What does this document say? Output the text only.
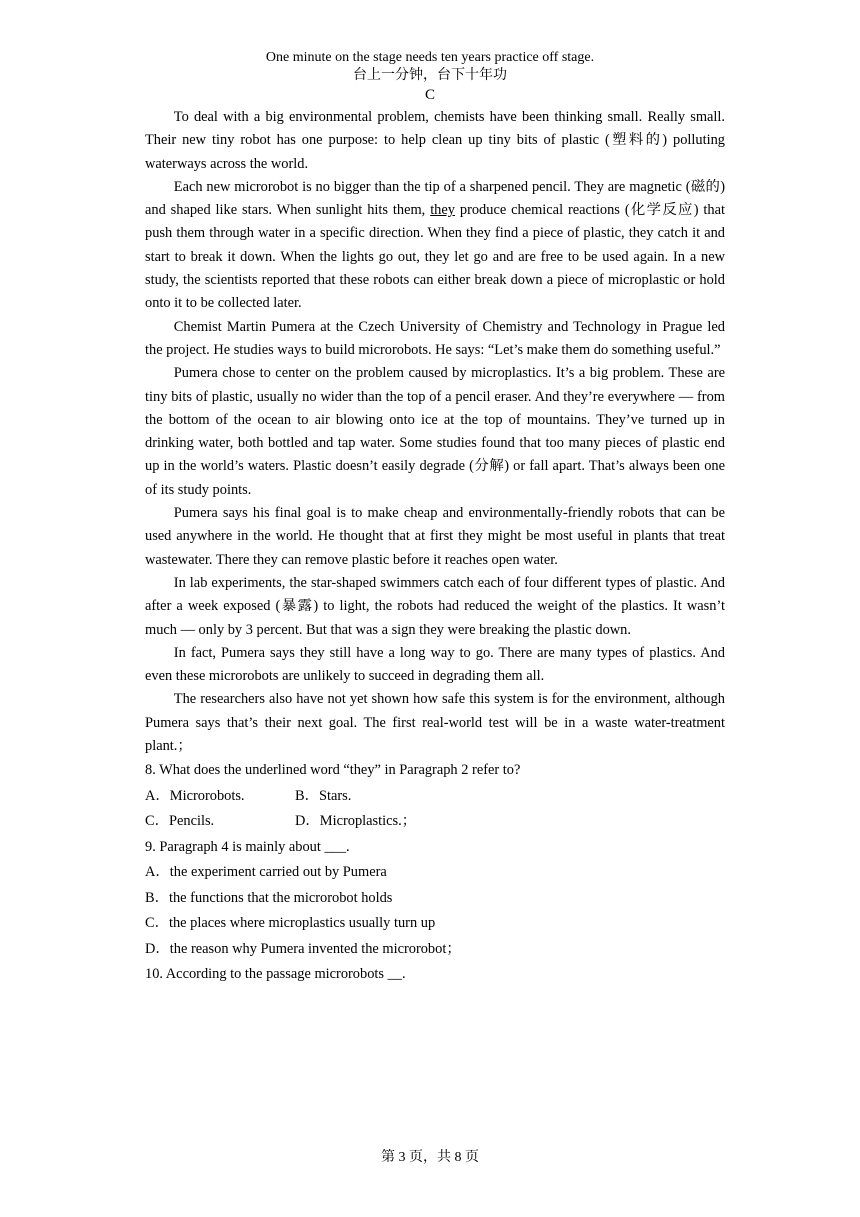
One minute on the stage needs ten years practice off stage.
台上一分钟，台下十年功
C

To deal with a big environmental problem, chemists have been thinking small. Really small. Their new tiny robot has one purpose: to help clean up tiny bits of plastic (塑料的) polluting waterways across the world.

Each new microrobot is no bigger than the tip of a sharpened pencil. They are magnetic (磁的) and shaped like stars. When sunlight hits them, they produce chemical reactions (化学反应) that push them through water in a specific direction. When they find a piece of plastic, they catch it and start to break it down. When the lights go out, they let go and are free to be used again. In a new study, the scientists reported that these robots can either break down a piece of microplastic or hold onto it to be collected later.

Chemist Martin Pumera at the Czech University of Chemistry and Technology in Prague led the project. He studies ways to build microrobots. He says: “Let’s make them do something useful.”

Pumera chose to center on the problem caused by microplastics. It’s a big problem. These are tiny bits of plastic, usually no wider than the top of a pencil eraser. And they’re everywhere — from the bottom of the ocean to air blowing onto ice at the top of mountains. They’ve turned up in drinking water, both bottled and tap water. Some studies found that too many pieces of plastic end up in the world’s waters. Plastic doesn’t easily degrade (分解) or fall apart. That’s always been one of its study points.

Pumera says his final goal is to make cheap and environmentally-friendly robots that can be used anywhere in the world. He thought that at first they might be most useful in plants that treat wastewater. There they can remove plastic before it reaches open water.

In lab experiments, the star-shaped swimmers catch each of four different types of plastic. And after a week exposed (暴露) to light, the robots had reduced the weight of the plastics. It wasn’t much — only by 3 percent. But that was a sign they were breaking the plastic down.

In fact, Pumera says they still have a long way to go. There are many types of plastics. And even these microrobots are unlikely to succeed in degrading them all.

The researchers also have not yet shown how safe this system is for the environment, although Pumera says that’s their next goal. The first real-world test will be in a waste water-treatment plant.；

8. What does the underlined word “they” in Paragraph 2 refer to?
A．Microrobots.	B．Stars.
C．Pencils.	D．Microplastics.；
9. Paragraph 4 is mainly about ___.
A．the experiment carried out by Pumera
B．the functions that the microrobot holds
C．the places where microplastics usually turn up
D．the reason why Pumera invented the microrobot；
10. According to the passage microrobots __.
第 3 页，共 8 页
